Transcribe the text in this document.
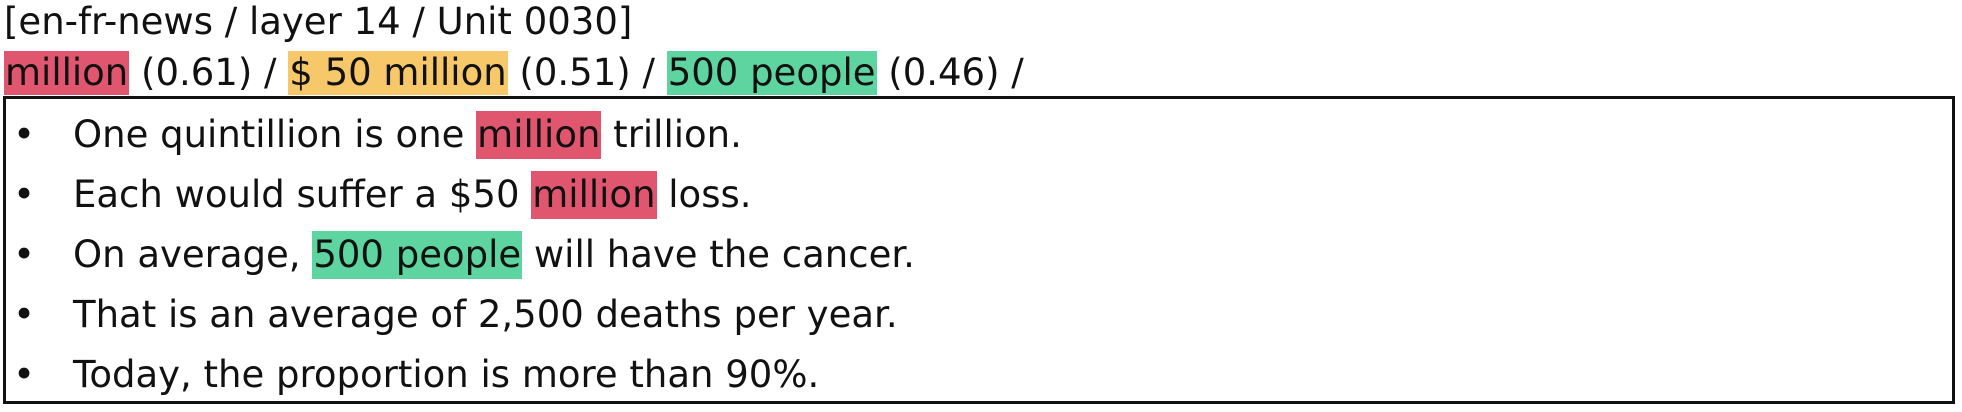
[en-fr-news / layer 14 / Unit 0030]
million (0.61) / $ 50 million (0.51) / 500 people (0.46) /
• One quintillion is one million trillion.
• Each would suffer a $50 million loss.
• On average, 500 people will have the cancer.
• That is an average of 2,500 deaths per year.
• Today, the proportion is more than 90%.
